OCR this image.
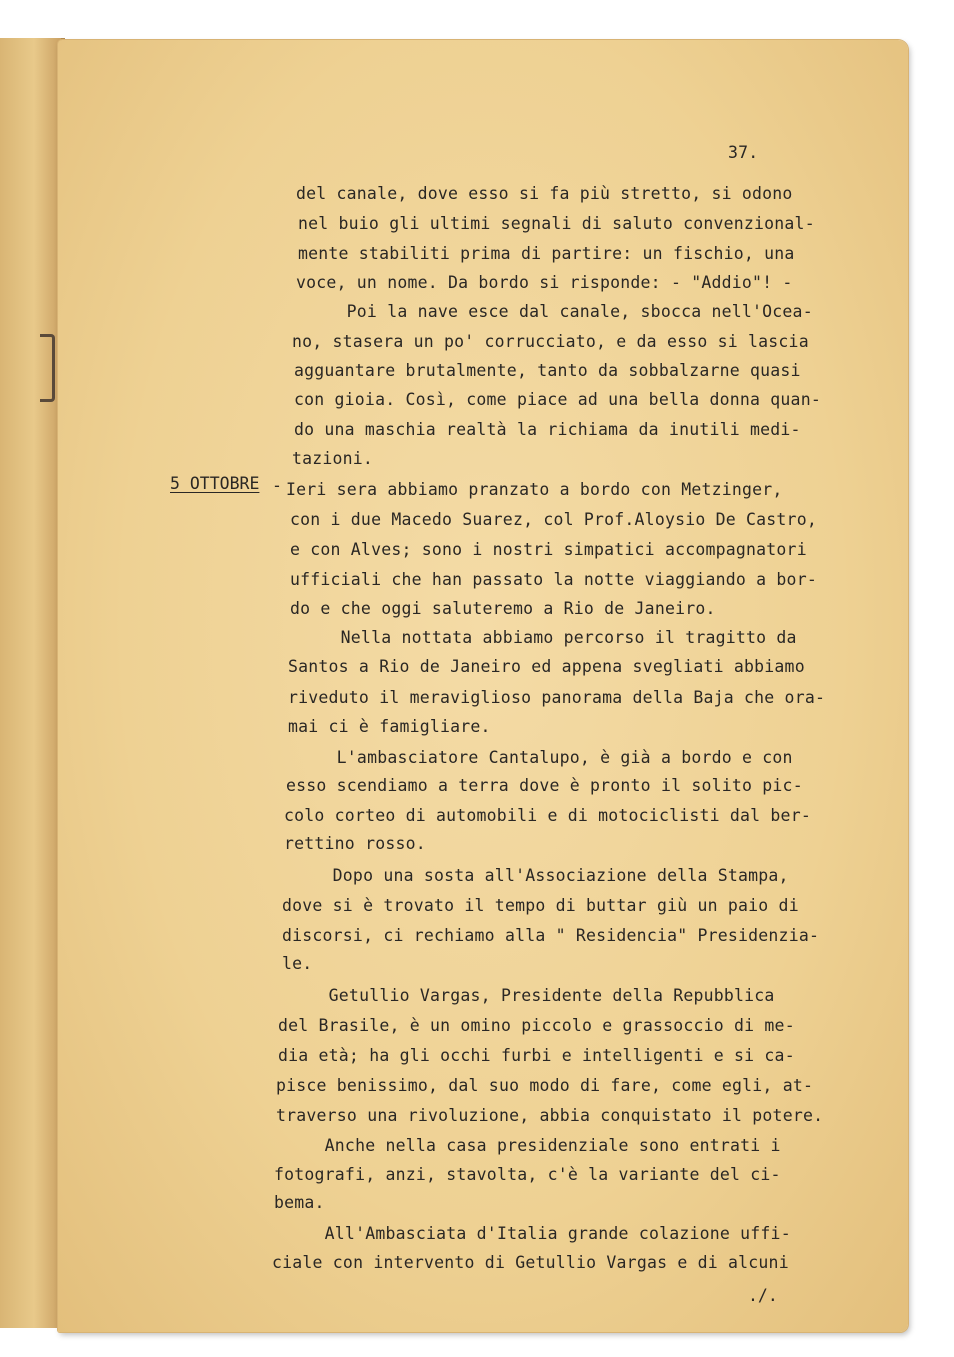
37.
5 OTTOBRE -
del canale, dove esso si fa più stretto, si odono
nel buio gli ultimi segnali di saluto convenzional-
mente stabiliti prima di partire: un fischio, una
voce, un nome. Da bordo si risponde: - "Addio"! -
Poi la nave esce dal canale, sbocca nell'Ocea-
no, stasera un po' corrucciato, e da esso si lascia
agguantare brutalmente, tanto da sobbalzarne quasi
con gioia. Così, come piace ad una bella donna quan-
do una maschia realtà la richiama da inutili medi-
tazioni.
Ieri sera abbiamo pranzato a bordo con Metzinger,
con i due Macedo Suarez, col Prof.Aloysio De Castro,
e con Alves; sono i nostri simpatici accompagnatori
ufficiali che han passato la notte viaggiando a bor-
do e che oggi saluteremo a Rio de Janeiro.
Nella nottata abbiamo percorso il tragitto da
Santos a Rio de Janeiro ed appena svegliati abbiamo
riveduto il meraviglioso panorama della Baja che ora-
mai ci è famigliare.
L'ambasciatore Cantalupo, è già a bordo e con
esso scendiamo a terra dove è pronto il solito pic-
colo corteo di automobili e di motociclisti dal ber-
rettino rosso.
Dopo una sosta all'Associazione della Stampa,
dove si è trovato il tempo di buttar giù un paio di
discorsi, ci rechiamo alla " Residencia" Presidenzia-
le.
Getullio Vargas, Presidente della Repubblica
del Brasile, è un omino piccolo e grassoccio di me-
dia età; ha gli occhi furbi e intelligenti e si ca-
pisce benissimo, dal suo modo di fare, come egli, at-
traverso una rivoluzione, abbia conquistato il potere.
Anche nella casa presidenziale sono entrati i
fotografi, anzi, stavolta, c'è la variante del ci-
bema.
All'Ambasciata d'Italia grande colazione uffi-
ciale con intervento di Getullio Vargas e di alcuni
./.
